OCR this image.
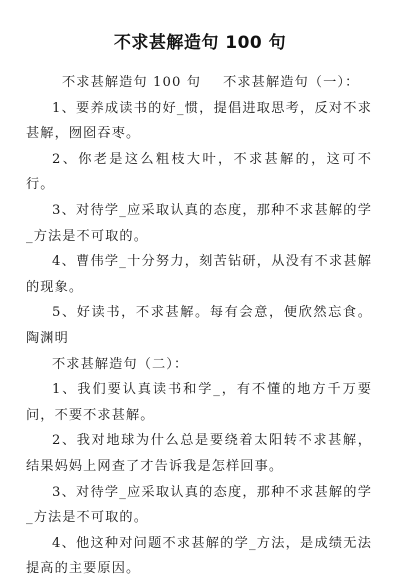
不求甚解造句 100 句

不求甚解造句 100 句 不求甚解造句（一）：

1、要养成读书的好_惯，提倡进取思考，反对不求甚解，囫囵吞枣。

2、你老是这么粗枝大叶，不求甚解的，这可不行。

3、对待学_应采取认真的态度，那种不求甚解的学_方法是不可取的。

4、曹伟学_十分努力，刻苦钻研，从没有不求甚解的现象。

5、好读书，不求甚解。每有会意，便欣然忘食。陶渊明

不求甚解造句（二）：

1、我们要认真读书和学_，有不懂的地方千万要问，不要不求甚解。

2、我对地球为什么总是要绕着太阳转不求甚解，结果妈妈上网查了才告诉我是怎样回事。

3、对待学_应采取认真的态度，那种不求甚解的学_方法是不可取的。

4、他这种对问题不求甚解的学_方法，是成绩无法提高的主要原因。
